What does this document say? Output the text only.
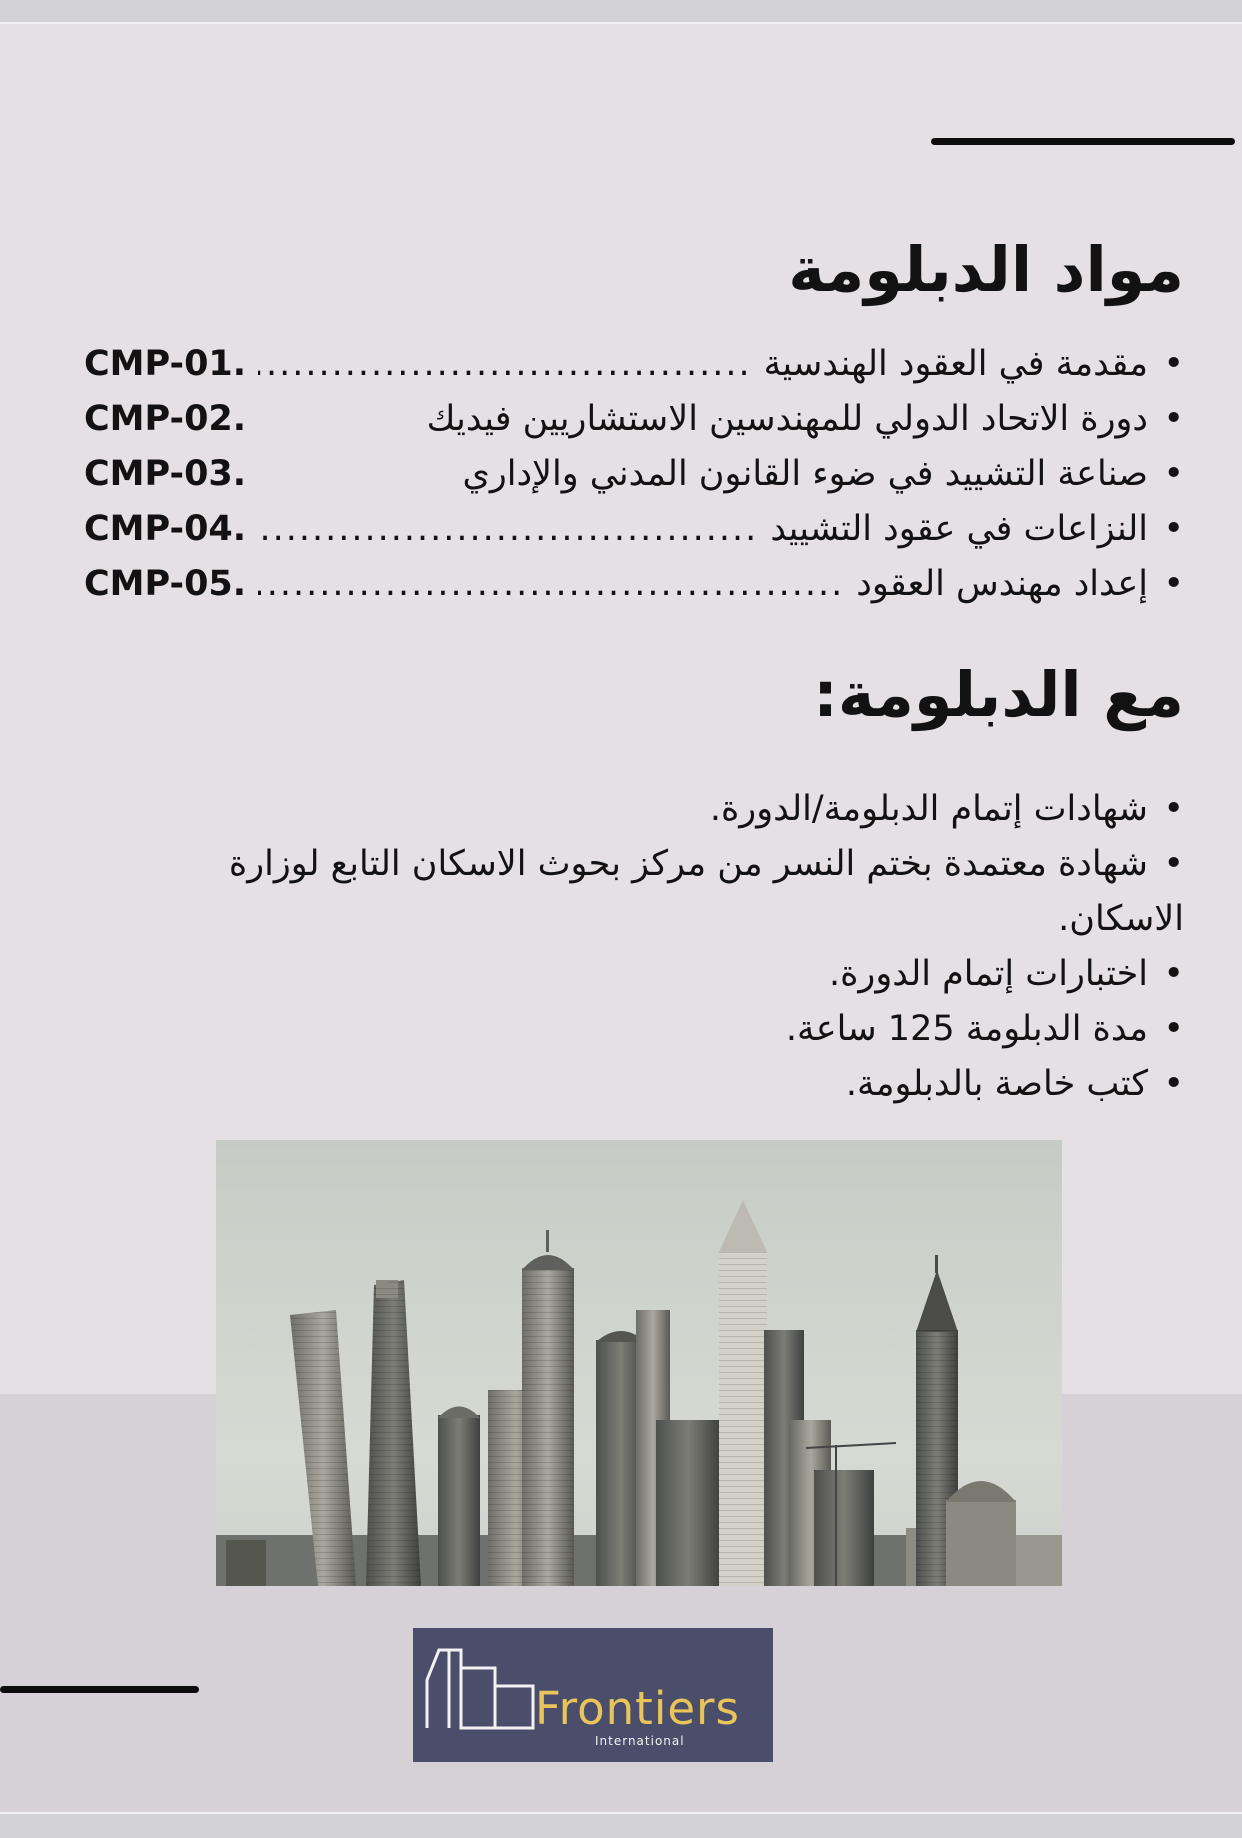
مواد الدبلومة
•
مقدمة في العقود الهندسية
.....
CMP-01.
•
دورة الاتحاد الدولي للمهندسين الاستشاريين فيديك
CMP-02.
•
صناعة التشييد في ضوء القانون المدني والإداري
CMP-03.
•
النزاعات في عقود التشييد
.....
CMP-04.
•
إعداد مهندس العقود
.....
CMP-05.
مع الدبلومة:
•شهادات إتمام الدبلومة/الدورة.
•شهادة معتمدة بختم النسر من مركز بحوث الاسكان التابع لوزارة الاسكان.
•اختبارات إتمام الدورة.
•مدة الدبلومة 125 ساعة.
•كتب خاصة بالدبلومة.
Frontiers
International
